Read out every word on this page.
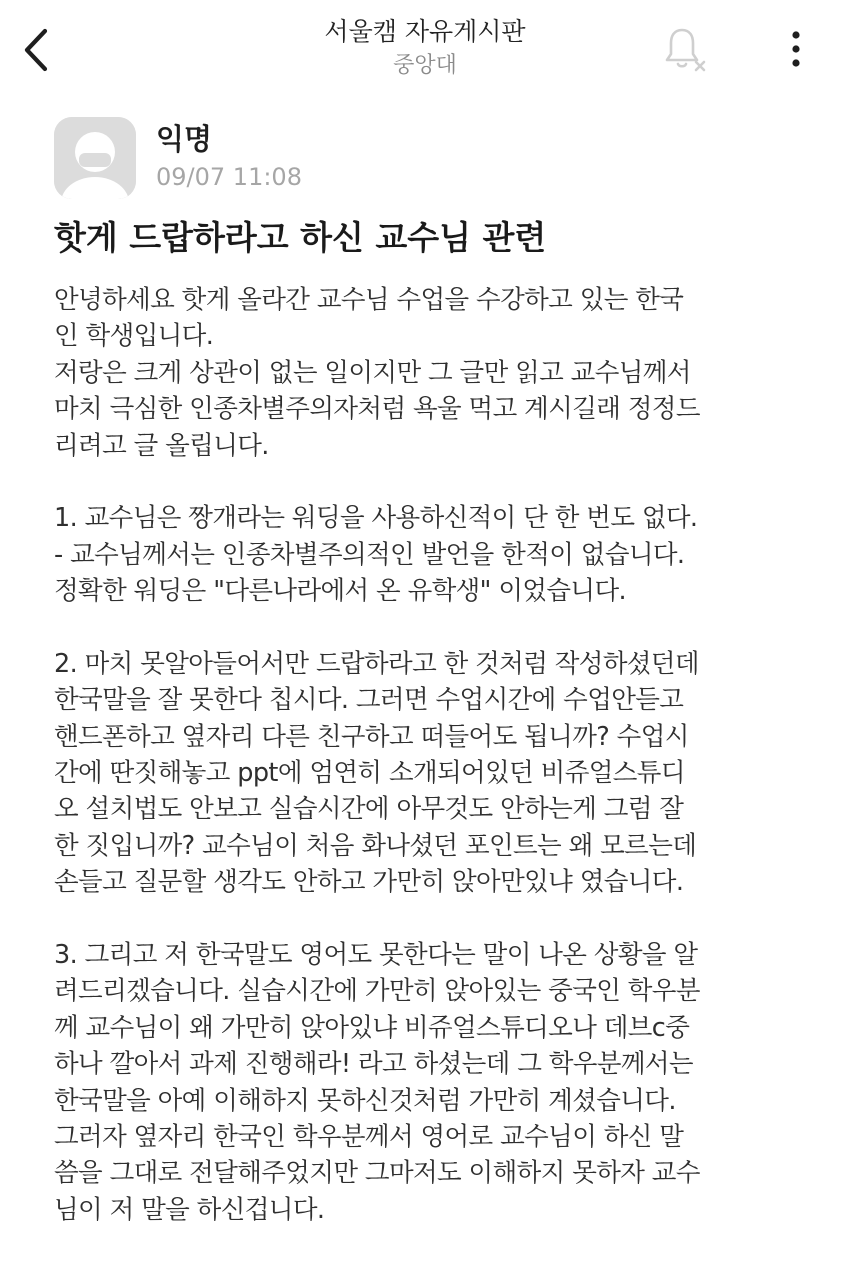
서울캠 자유게시판
중앙대
익명
09/07 11:08
핫게 드랍하라고 하신 교수님 관련
안녕하세요 핫게 올라간 교수님 수업을 수강하고 있는 한국
인 학생입니다.
저랑은 크게 상관이 없는 일이지만 그 글만 읽고 교수님께서
마치 극심한 인종차별주의자처럼 욕울 먹고 계시길래 정정드
리려고 글 올립니다.
1. 교수님은 짱개라는 워딩을 사용하신적이 단 한 번도 없다.
- 교수님께서는 인종차별주의적인 발언을 한적이 없습니다.
정확한 워딩은 "다른나라에서 온 유학생" 이었습니다.
2. 마치 못알아들어서만 드랍하라고 한 것처럼 작성하셨던데
한국말을 잘 못한다 칩시다. 그러면 수업시간에 수업안듣고
핸드폰하고 옆자리 다른 친구하고 떠들어도 됩니까? 수업시
간에 딴짓해놓고 ppt에 엄연히 소개되어있던 비쥬얼스튜디
오 설치법도 안보고 실습시간에 아무것도 안하는게 그럼 잘
한 짓입니까? 교수님이 처음 화나셨던 포인트는 왜 모르는데
손들고 질문할 생각도 안하고 가만히 앉아만있냐 였습니다.
3. 그리고 저 한국말도 영어도 못한다는 말이 나온 상황을 알
려드리겠습니다. 실습시간에 가만히 앉아있는 중국인 학우분
께 교수님이 왜 가만히 앉아있냐 비쥬얼스튜디오나 데브c중
하나 깔아서 과제 진행해라! 라고 하셨는데 그 학우분께서는
한국말을 아예 이해하지 못하신것처럼 가만히 계셨습니다.
그러자 옆자리 한국인 학우분께서 영어로 교수님이 하신 말
씀을 그대로 전달해주었지만 그마저도 이해하지 못하자 교수
님이 저 말을 하신겁니다.
